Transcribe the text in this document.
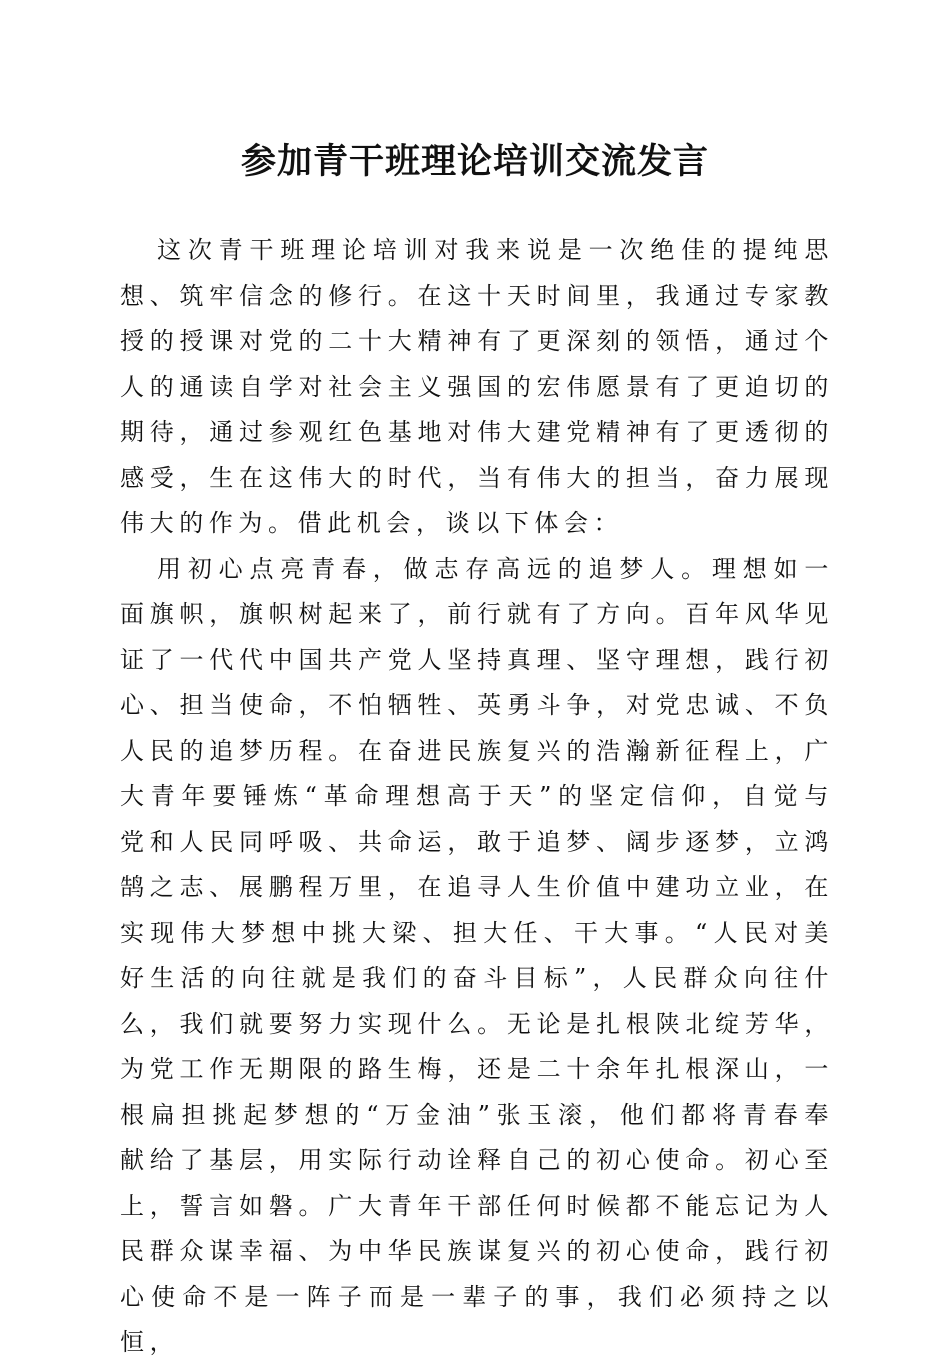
参加青干班理论培训交流发言

这次青干班理论培训对我来说是一次绝佳的提纯思想、筑牢信念的修行。在这十天时间里，我通过专家教授的授课对党的二十大精神有了更深刻的领悟，通过个人的通读自学对社会主义强国的宏伟愿景有了更迫切的期待，通过参观红色基地对伟大建党精神有了更透彻的感受，生在这伟大的时代，当有伟大的担当，奋力展现伟大的作为。借此机会，谈以下体会：

用初心点亮青春，做志存高远的追梦人。理想如一面旗帜，旗帜树起来了，前行就有了方向。百年风华见证了一代代中国共产党人坚持真理、坚守理想，践行初心、担当使命，不怕牺牲、英勇斗争，对党忠诚、不负人民的追梦历程。在奋进民族复兴的浩瀚新征程上，广大青年要锤炼“革命理想高于天”的坚定信仰，自觉与党和人民同呼吸、共命运，敢于追梦、阔步逐梦，立鸿鹄之志、展鹏程万里，在追寻人生价值中建功立业，在实现伟大梦想中挑大梁、担大任、干大事。“人民对美好生活的向往就是我们的奋斗目标”，人民群众向往什么，我们就要努力实现什么。无论是扎根陕北绽芳华，为党工作无期限的路生梅，还是二十余年扎根深山，一根扁担挑起梦想的“万金油”张玉滚，他们都将青春奉献给了基层，用实际行动诠释自己的初心使命。初心至上，誓言如磐。广大青年干部任何时候都不能忘记为人民群众谋幸福、为中华民族谋复兴的初心使命，践行初心使命不是一阵子而是一辈子的事，我们必须持之以恒，
